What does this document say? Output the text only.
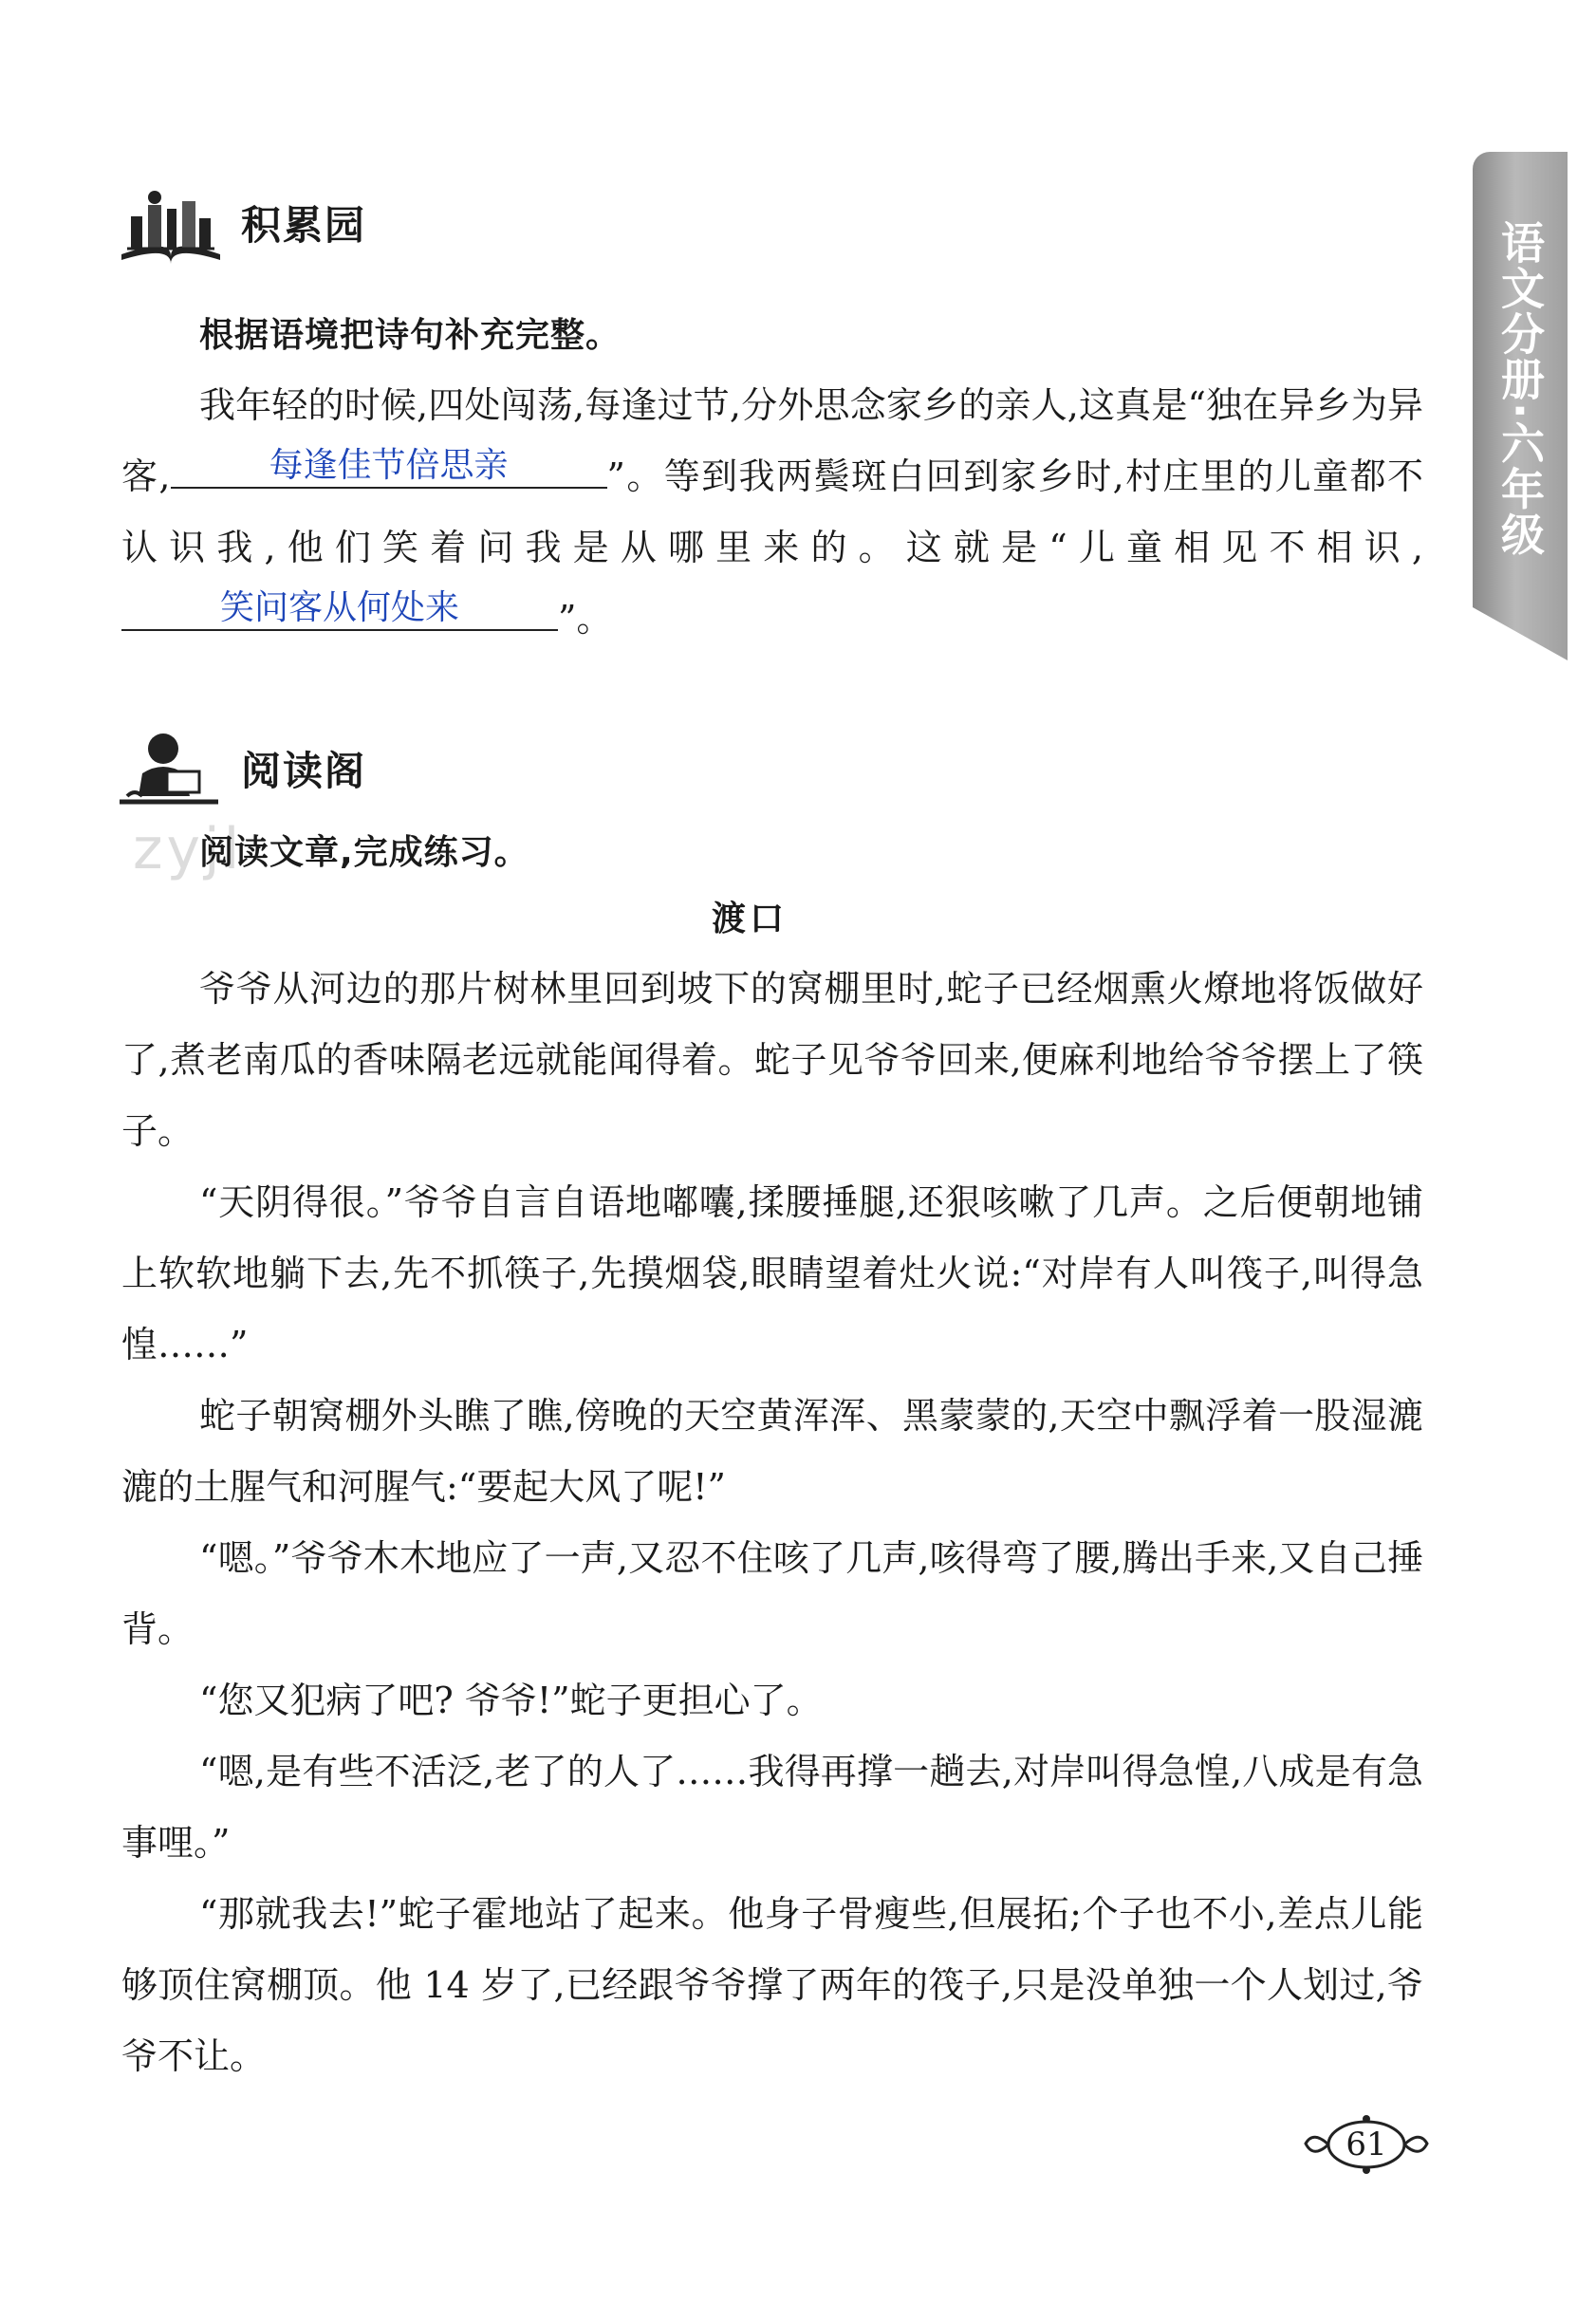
语文分册·六年级(上)
积累园
根据语境把诗句补充完整。
我年轻的时候,四处闯荡,每逢过节,分外思念家乡的亲人,这真是“独在异乡为异客,	每逢佳节倍思亲	”。等到我两鬓斑白回到家乡时,村庄里的儿童都不认识我,他们笑着问我是从哪里来的。这就是“儿童相见不相识,
笑问客从何处来	”。
阅读阁
zyjl
阅读文章,完成练习。
渡口
爷爷从河边的那片树林里回到坡下的窝棚里时,蛇子已经烟熏火燎地将饭做好了,煮老南瓜的香味隔老远就能闻得着。蛇子见爷爷回来,便麻利地给爷爷摆上了筷子。
“天阴得很。”爷爷自言自语地嘟囔,揉腰捶腿,还狠咳嗽了几声。之后便朝地铺上软软地躺下去,先不抓筷子,先摸烟袋,眼睛望着灶火说:“对岸有人叫筏子,叫得急惶……”
蛇子朝窝棚外头瞧了瞧,傍晚的天空黄浑浑、黑蒙蒙的,天空中飘浮着一股湿漉漉的土腥气和河腥气:“要起大风了呢!”
“嗯。”爷爷木木地应了一声,又忍不住咳了几声,咳得弯了腰,腾出手来,又自己捶背。
“您又犯病了吧? 爷爷!”蛇子更担心了。
“嗯,是有些不活泛,老了的人了……我得再撑一趟去,对岸叫得急惶,八成是有急事哩。”
“那就我去!”蛇子霍地站了起来。他身子骨瘦些,但展拓;个子也不小,差点儿能够顶住窝棚顶。他 14 岁了,已经跟爷爷撑了两年的筏子,只是没单独一个人划过,爷爷不让。
61
